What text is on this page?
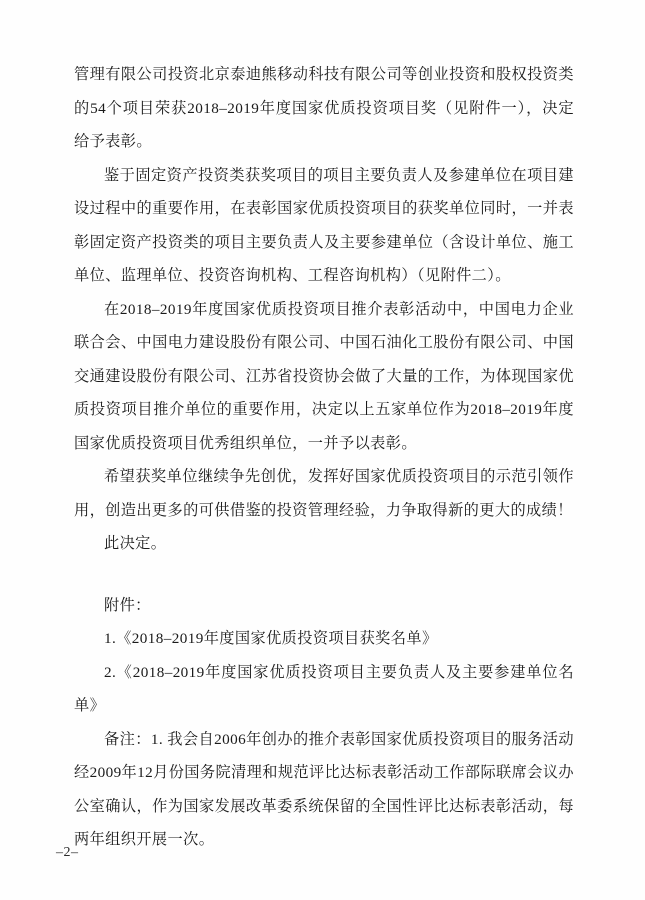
管理有限公司投资北京泰迪熊移动科技有限公司等创业投资和股权投资类的54个项目荣获2018–2019年度国家优质投资项目奖（见附件一），决定给予表彰。

鉴于固定资产投资类获奖项目的项目主要负责人及参建单位在项目建设过程中的重要作用，在表彰国家优质投资项目的获奖单位同时，一并表彰固定资产投资类的项目主要负责人及主要参建单位（含设计单位、施工单位、监理单位、投资咨询机构、工程咨询机构）（见附件二）。

在2018–2019年度国家优质投资项目推介表彰活动中，中国电力企业联合会、中国电力建设股份有限公司、中国石油化工股份有限公司、中国交通建设股份有限公司、江苏省投资协会做了大量的工作，为体现国家优质投资项目推介单位的重要作用，决定以上五家单位作为2018–2019年度国家优质投资项目优秀组织单位，一并予以表彰。

希望获奖单位继续争先创优，发挥好国家优质投资项目的示范引领作用，创造出更多的可供借鉴的投资管理经验，力争取得新的更大的成绩！

此决定。

附件：

1.《2018–2019年度国家优质投资项目获奖名单》

2.《2018–2019年度国家优质投资项目主要负责人及主要参建单位名单》

备注：1. 我会自2006年创办的推介表彰国家优质投资项目的服务活动经2009年12月份国务院清理和规范评比达标表彰活动工作部际联席会议办公室确认，作为国家发展改革委系统保留的全国性评比达标表彰活动，每两年组织开展一次。

–2–
